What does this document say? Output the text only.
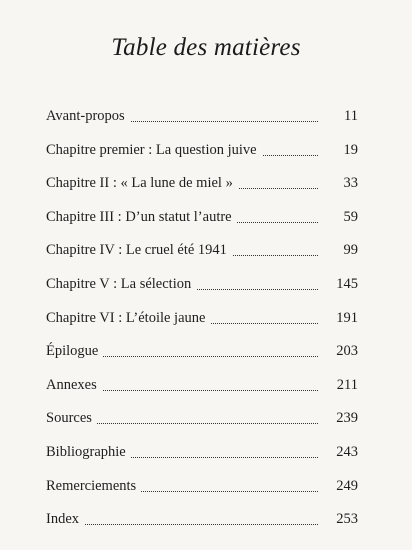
Table des matières
Avant-propos	11
Chapitre premier : La question juive	19
Chapitre II : « La lune de miel »	33
Chapitre III : D’un statut l’autre	59
Chapitre IV : Le cruel été 1941	99
Chapitre V : La sélection	145
Chapitre VI : L’étoile jaune	191
Épilogue	203
Annexes	211
Sources	239
Bibliographie	243
Remerciements	249
Index	253
